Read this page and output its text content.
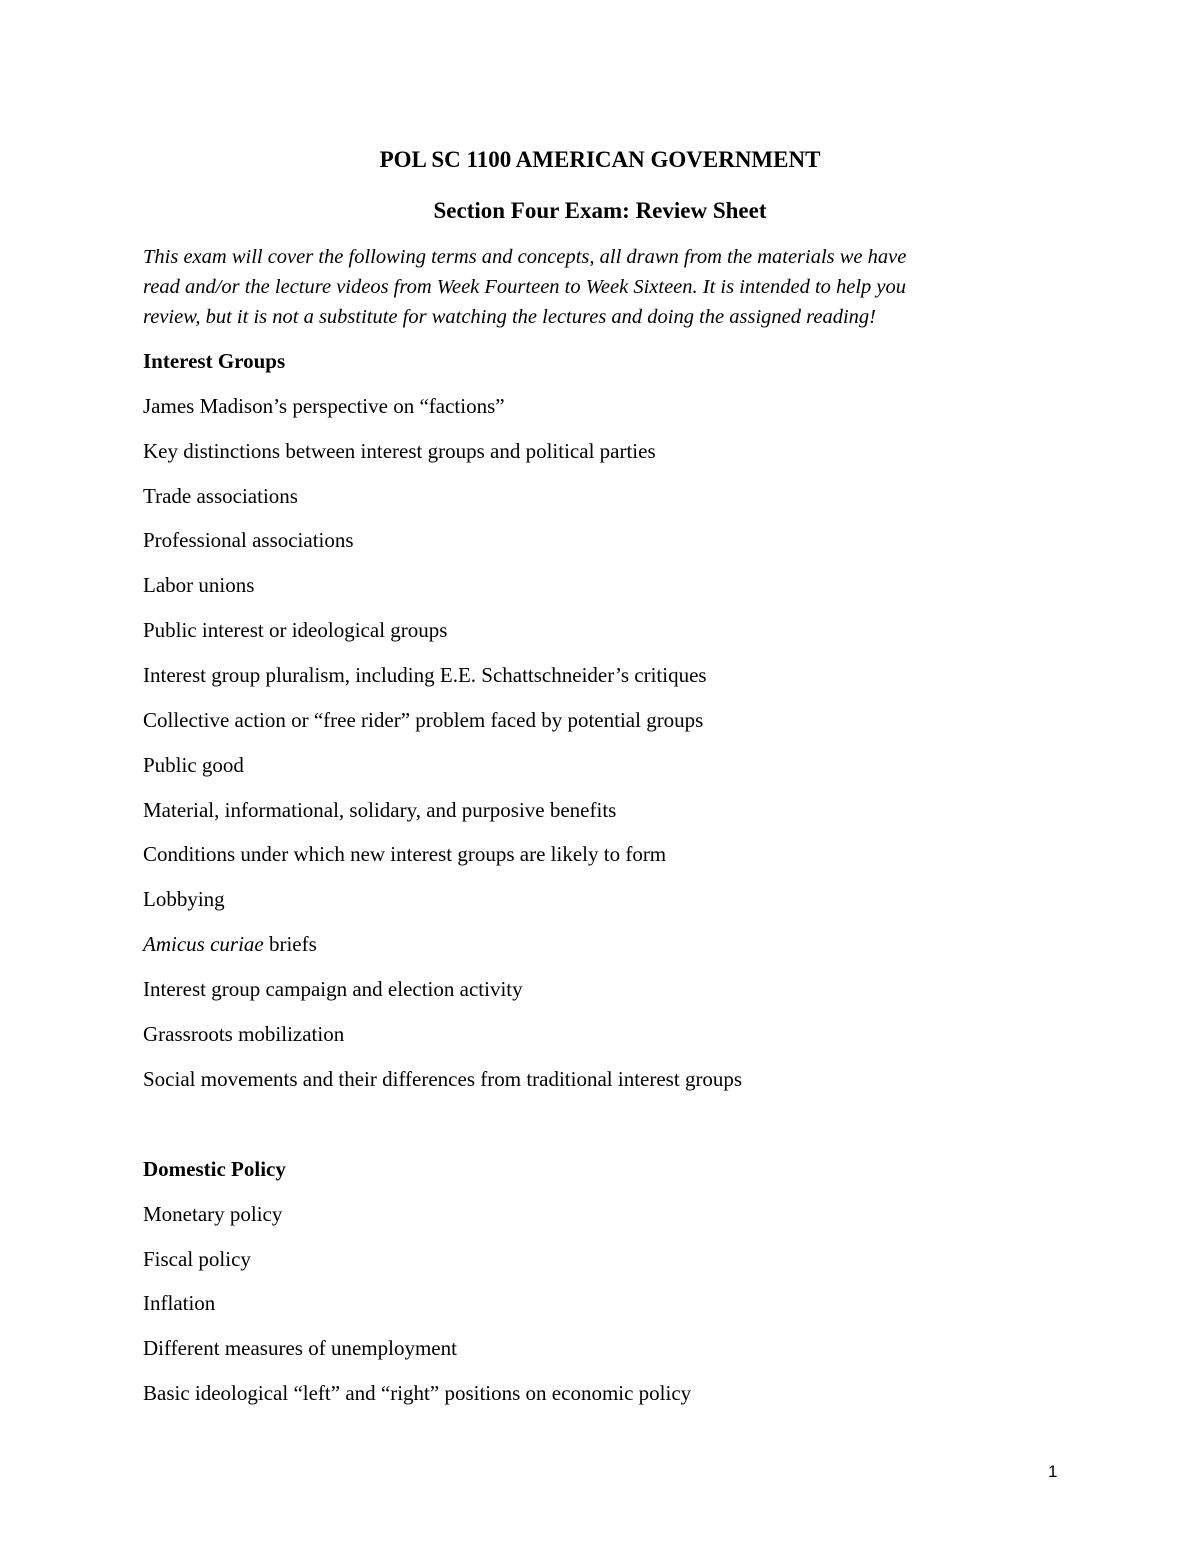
POL SC 1100 AMERICAN GOVERNMENT
Section Four Exam: Review Sheet

This exam will cover the following terms and concepts, all drawn from the materials we have

read and/or the lecture videos from Week Fourteen to Week Sixteen. It is intended to help you

review, but it is not a substitute for watching the lectures and doing the assigned reading!

Interest Groups
James Madison’s perspective on “factions”
Key distinctions between interest groups and political parties
Trade associations
Professional associations
Labor unions
Public interest or ideological groups
Interest group pluralism, including E.E. Schattschneider’s critiques
Collective action or “free rider” problem faced by potential groups
Public good
Material, informational, solidary, and purposive benefits
Conditions under which new interest groups are likely to form
Lobbying
Amicus curiae briefs
Interest group campaign and election activity
Grassroots mobilization
Social movements and their differences from traditional interest groups
Domestic Policy
Monetary policy
Fiscal policy
Inflation
Different measures of unemployment
Basic ideological “left” and “right” positions on economic policy
1
